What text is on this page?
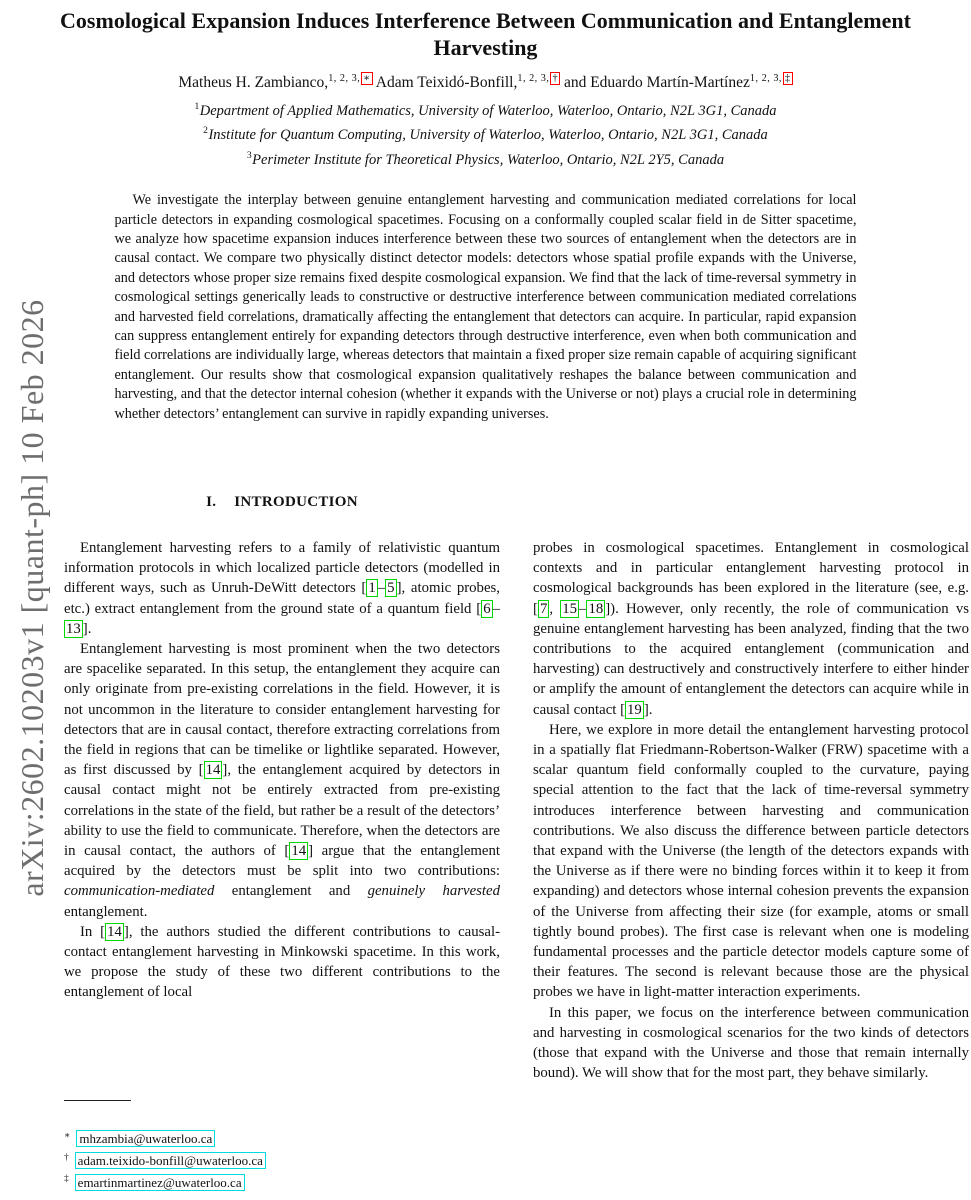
arXiv:2602.10203v1 [quant-ph] 10 Feb 2026
Cosmological Expansion Induces Interference Between Communication and Entanglement Harvesting
Matheus H. Zambianco,$^{1, 2, 3,}$ ∗ Adam Teixidó-Bonfill,$^{1, 2, 3,}$ † and Eduardo Martín-Martínez$^{1, 2, 3,}$ ‡
$^1$Department of Applied Mathematics, University of Waterloo, Waterloo, Ontario, N2L 3G1, Canada
$^2$Institute for Quantum Computing, University of Waterloo, Waterloo, Ontario, N2L 3G1, Canada
$^3$Perimeter Institute for Theoretical Physics, Waterloo, Ontario, N2L 2Y5, Canada

We investigate the interplay between genuine entanglement harvesting and communication mediated correlations for local particle detectors in expanding cosmological spacetimes. Focusing on a conformally coupled scalar field in de Sitter spacetime, we analyze how spacetime expansion induces interference between these two sources of entanglement when the detectors are in causal contact. We compare two physically distinct detector models: detectors whose spatial profile expands with the Universe, and detectors whose proper size remains fixed despite cosmological expansion. We find that the lack of time-reversal symmetry in cosmological settings generically leads to constructive or destructive interference between communication mediated correlations and harvested field correlations, dramatically affecting the entanglement that detectors can acquire. In particular, rapid expansion can suppress entanglement entirely for expanding detectors through destructive interference, even when both communication and field correlations are individually large, whereas detectors that maintain a fixed proper size remain capable of acquiring significant entanglement. Our results show that cosmological expansion qualitatively reshapes the balance between communication and harvesting, and that the detector internal cohesion (whether it expands with the Universe or not) plays a crucial role in determining whether detectors’ entanglement can survive in rapidly expanding universes.

I. INTRODUCTION

Entanglement harvesting refers to a family of relativistic quantum information protocols in which localized particle detectors (modelled in different ways, such as Unruh-DeWitt detectors [ 1 – 5 ], atomic probes, etc.) extract entanglement from the ground state of a quantum field [ 6 –13 ].

Entanglement harvesting is most prominent when the two detectors are spacelike separated. In this setup, the entanglement they acquire can only originate from pre-existing correlations in the field. However, it is not uncommon in the literature to consider entanglement harvesting for detectors that are in causal contact, therefore extracting correlations from the field in regions that can be timelike or lightlike separated. However, as first discussed by [ 14 ], the entanglement acquired by detectors in causal contact might not be entirely extracted from pre-existing correlations in the state of the field, but rather be a result of the detectors’ ability to use the field to communicate. Therefore, when the detectors are in causal contact, the authors of [ 14 ] argue that the entanglement acquired by the detectors must be split into two contributions: communication-mediated entanglement and genuinely harvested entanglement.

In [ 14 ], the authors studied the different contributions to causal-contact entanglement harvesting in Minkowski spacetime. In this work, we propose the study of these two different contributions to the entanglement of local

probes in cosmological spacetimes. Entanglement in cosmological contexts and in particular entanglement harvesting protocol in cosmological backgrounds has been explored in the literature (see, e.g. [ 7 , 15 – 18 ]). However, only recently, the role of communication vs genuine entanglement harvesting has been analyzed, finding that the two contributions to the acquired entanglement (communication and harvesting) can destructively and constructively interfere to either hinder or amplify the amount of entanglement the detectors can acquire while in causal contact [ 19 ].

Here, we explore in more detail the entanglement harvesting protocol in a spatially flat Friedmann-Robertson-Walker (FRW) spacetime with a scalar quantum field conformally coupled to the curvature, paying special attention to the fact that the lack of time-reversal symmetry introduces interference between harvesting and communication contributions. We also discuss the difference between particle detectors that expand with the Universe (the length of the detectors expands with the Universe as if there were no binding forces within it to keep it from expanding) and detectors whose internal cohesion prevents the expansion of the Universe from affecting their size (for example, atoms or small tightly bound probes). The first case is relevant when one is modeling fundamental processes and the particle detector models capture some of their features. The second is relevant because those are the physical probes we have in light-matter interaction experiments.

In this paper, we focus on the interference between communication and harvesting in cosmological scenarios for the two kinds of detectors (those that expand with the Universe and those that remain internally bound). We will show that for the most part, they behave similarly.

∗ mhzambia@uwaterloo.ca
† adam.teixido-bonfill@uwaterloo.ca
‡ emartinmartinez@uwaterloo.ca
